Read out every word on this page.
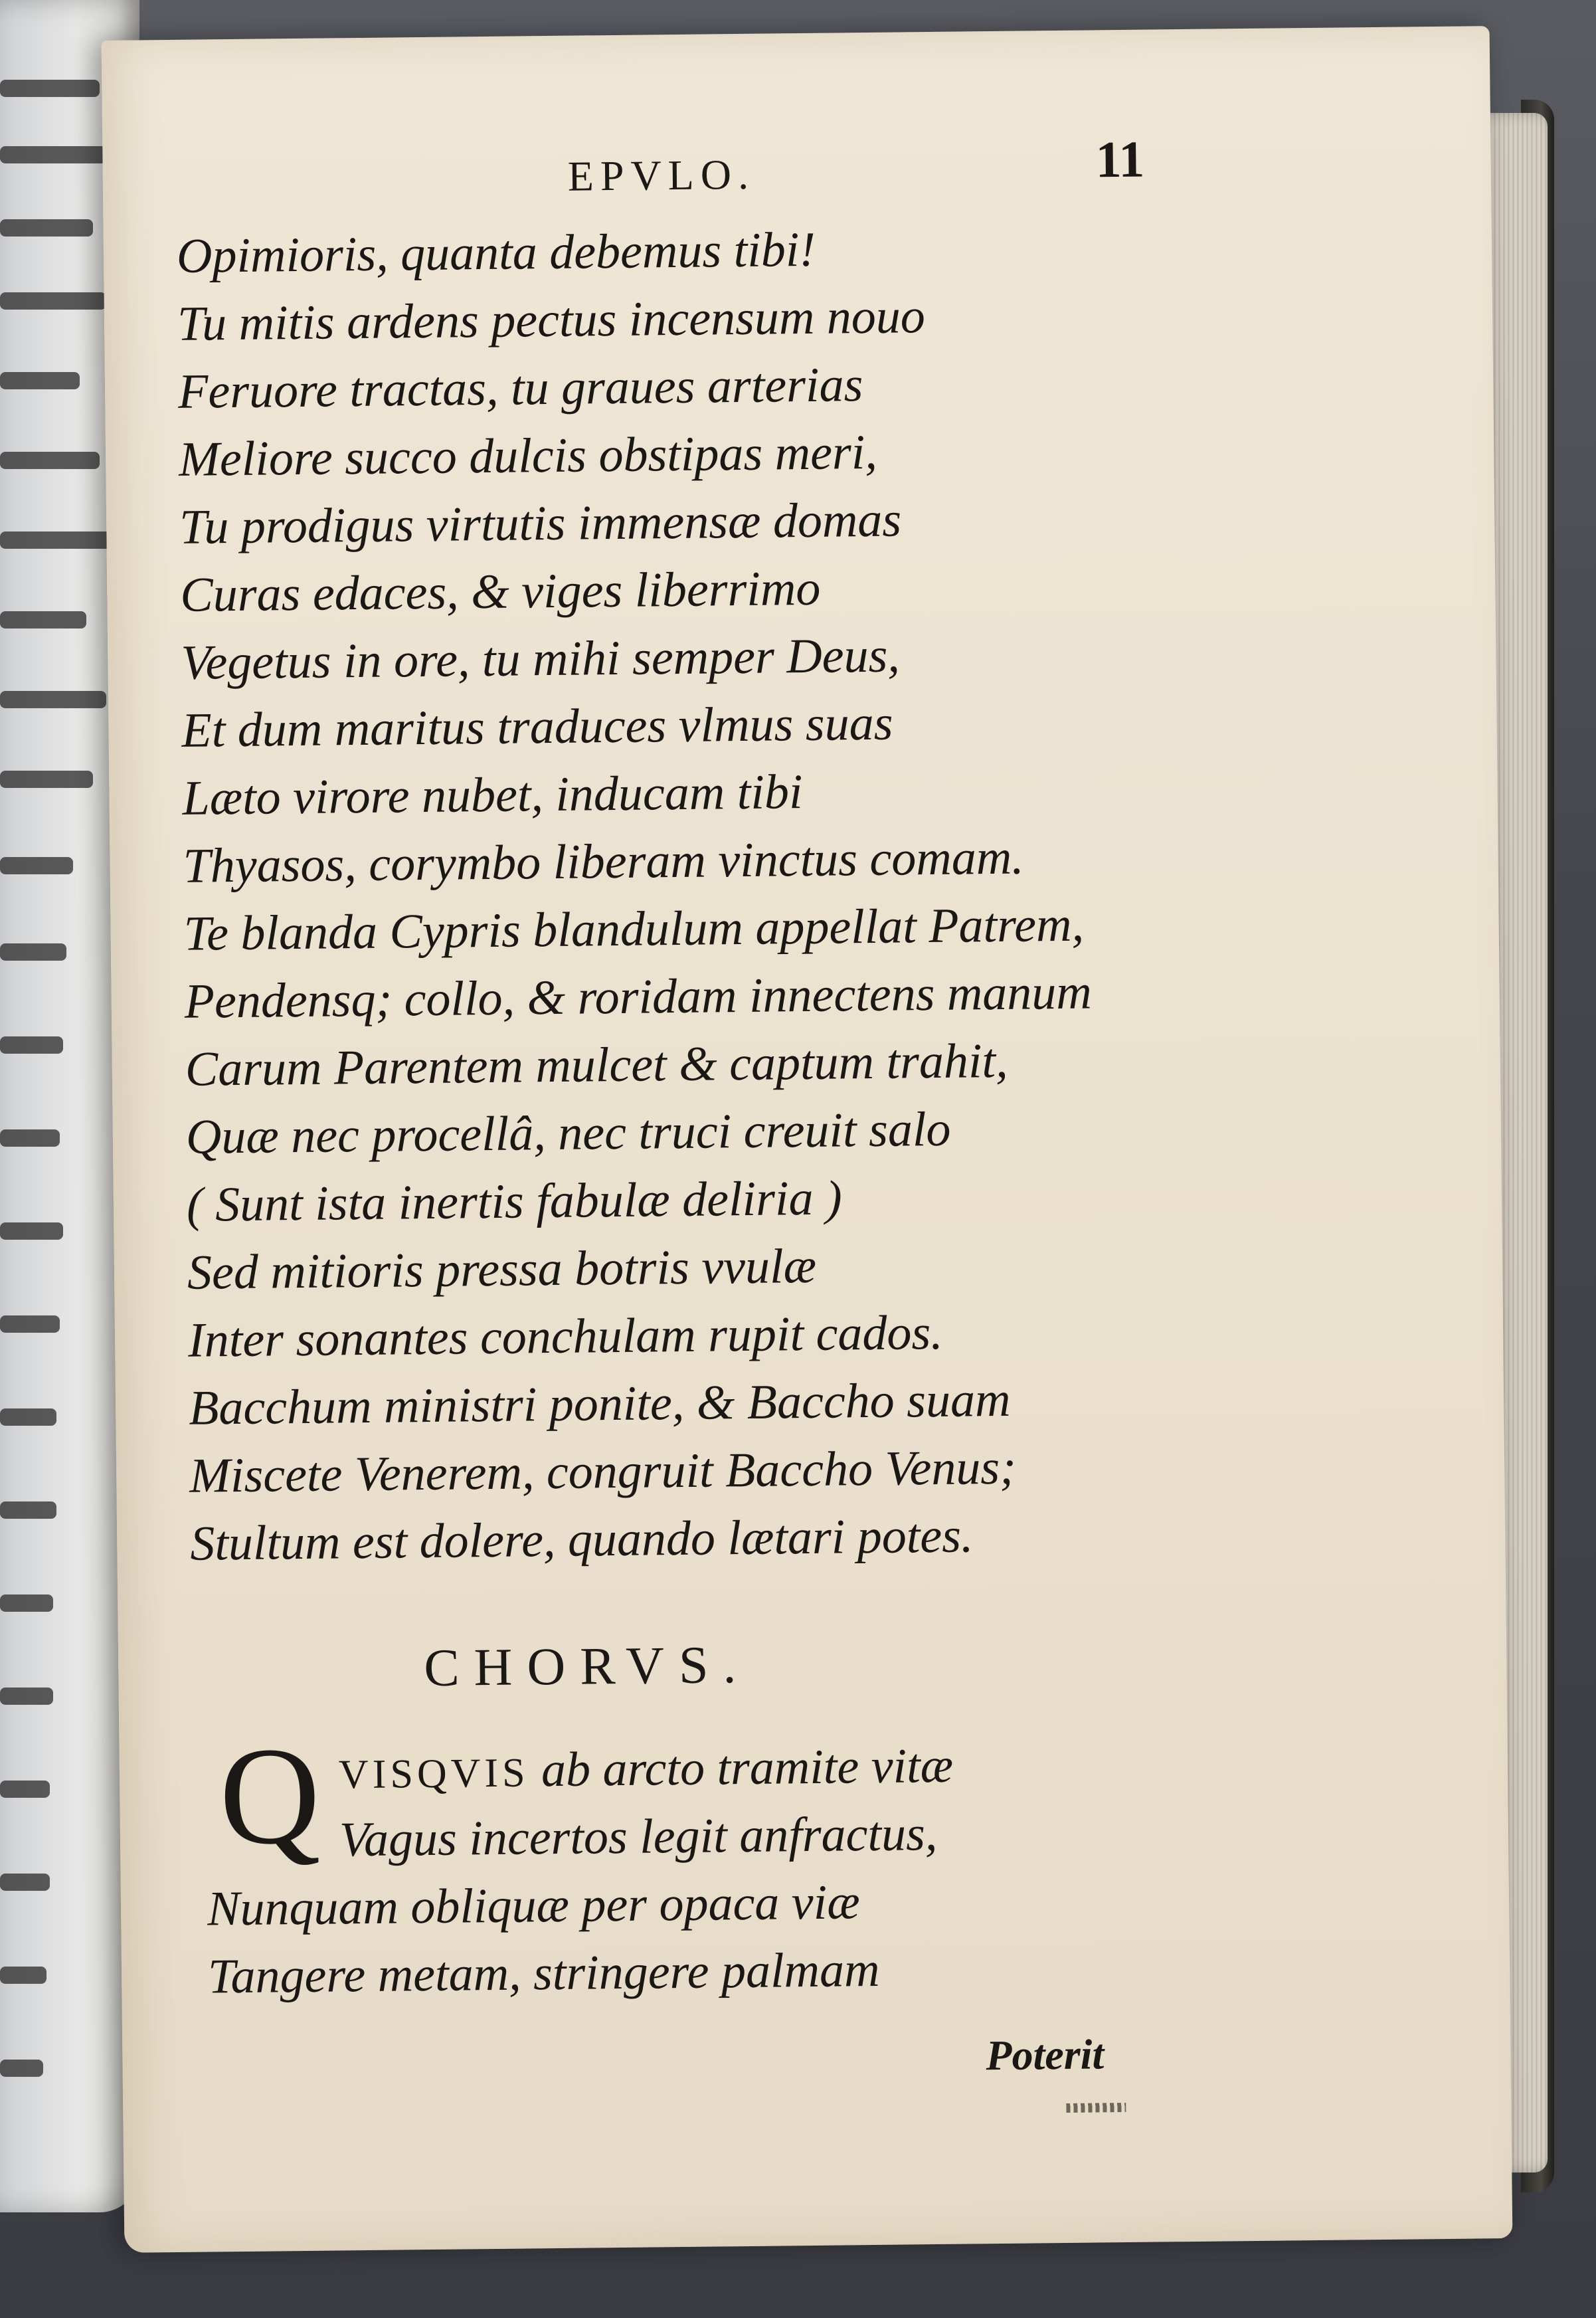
EPVLO.	11
Opimioris, quanta debemus tibi!
Tu mitis ardens pectus incensum nouo
Feruore tractas, tu graues arterias
Meliore succo dulcis obstipas meri,
Tu prodigus virtutis immensæ domas
Curas edaces, & viges liberrimo
Vegetus in ore, tu mihi semper Deus,
Et dum maritus traduces vlmus suas
Læto virore nubet, inducam tibi
Thyasos, corymbo liberam vinctus comam.
Te blanda Cypris blandulum appellat Patrem,
Pendensq; collo, & roridam innectens manum
Carum Parentem mulcet & captum trahit,
Quæ nec procellâ, nec truci creuit salo
( Sunt ista inertis fabulæ deliria )
Sed mitioris pressa botris vvulæ
Inter sonantes conchulam rupit cados.
Bacchum ministri ponite, & Baccho suam
Miscete Venerem, congruit Baccho Venus;
Stultum est dolere, quando lætari potes.
CHORVS.
Q VISQVIS ab arcto tramite vitæ
Vagus incertos legit anfractus,
Nunquam obliquæ per opaca viæ
Tangere metam, stringere palmam
Poterit
